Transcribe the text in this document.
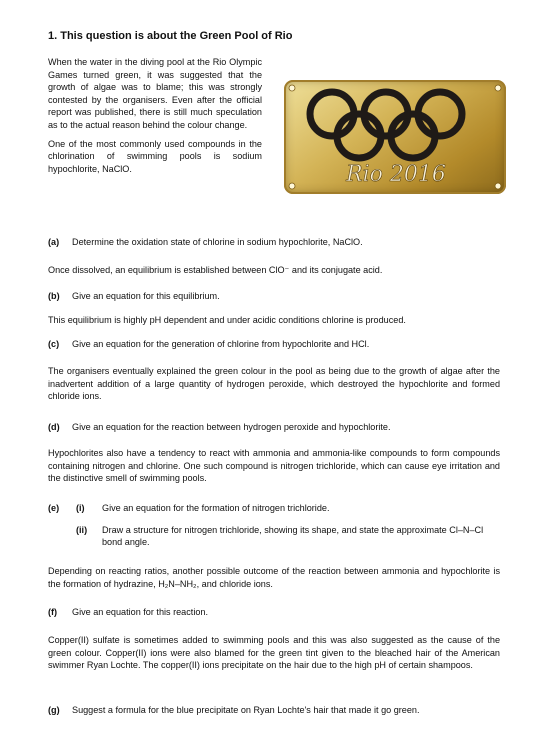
1. This question is about the Green Pool of Rio

When the water in the diving pool at the Rio Olympic Games turned green, it was suggested that the growth of algae was to blame; this was strongly contested by the organisers. Even after the official report was published, there is still much speculation as to the actual reason behind the colour change.

One of the most commonly used compounds in the chlorination of swimming pools is sodium hypochlorite, NaClO.	Rio 2016
(a) Determine the oxidation state of chlorine in sodium hypochlorite, NaClO.
Once dissolved, an equilibrium is established between ClO⁻ and its conjugate acid.
(b) Give an equation for this equilibrium.
This equilibrium is highly pH dependent and under acidic conditions chlorine is produced.
(c) Give an equation for the generation of chlorine from hypochlorite and HCl.
The organisers eventually explained the green colour in the pool as being due to the growth of algae after the inadvertent addition of a large quantity of hydrogen peroxide, which destroyed the hypochlorite and formed chloride ions.
(d) Give an equation for the reaction between hydrogen peroxide and hypochlorite.
Hypochlorites also have a tendency to react with ammonia and ammonia-like compounds to form compounds containing nitrogen and chlorine. One such compound is nitrogen trichloride, which can cause eye irritation and the distinctive smell of swimming pools.
(e)	(i) Give an equation for the formation of nitrogen trichloride.
(ii) Draw a structure for nitrogen trichloride, showing its shape, and state the approximate Cl–N–Cl bond angle.
Depending on reacting ratios, another possible outcome of the reaction between ammonia and hypochlorite is the formation of hydrazine, H₂N–NH₂, and chloride ions.
(f) Give an equation for this reaction.
Copper(II) sulfate is sometimes added to swimming pools and this was also suggested as the cause of the green colour. Copper(II) ions were also blamed for the green tint given to the bleached hair of the American swimmer Ryan Lochte. The copper(II) ions precipitate on the hair due to the high pH of certain shampoos.
(g) Suggest a formula for the blue precipitate on Ryan Lochte's hair that made it go green.
